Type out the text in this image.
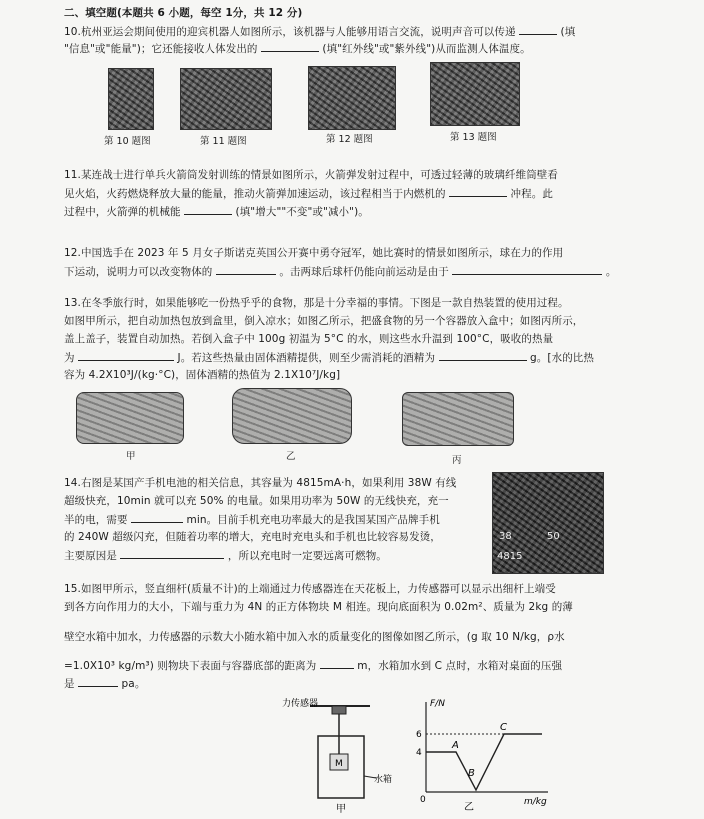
二、填空题(本题共 6 小题，每空 1分，共 12 分)
10.杭州亚运会期间使用的迎宾机器人如图所示，该机器与人能够用语言交流，说明声音可以传递	(填
"信息"或"能量")；它还能接收人体发出的	(填"红外线"或"紫外线")从而监测人体温度。
第 10 题图	第 11 题图	第 12 题图	第 13 题图
11.某连战士进行单兵火箭筒发射训练的情景如图所示，火箭弹发射过程中，可透过轻薄的玻璃纤维筒壁看
见火焰，火药燃烧释放大量的能量，推动火箭弹加速运动，该过程相当于内燃机的	冲程。此
过程中，火箭弹的机械能	(填"增大""不变"或"减小")。
12.中国选手在 2023 年 5 月女子斯诺克英国公开赛中勇夺冠军，她比赛时的情景如图所示，球在力的作用
下运动，说明力可以改变物体的	。击两球后球杆仍能向前运动是由于	。
13.在冬季旅行时，如果能够吃一份热乎乎的食物，那是十分幸福的事情。下图是一款自热装置的使用过程。
如图甲所示，把自动加热包放到盒里，倒入凉水；如图乙所示，把盛食物的另一个容器放入盒中；如图丙所示，
盖上盖子，装置自动加热。若倒入盒子中 100g 初温为 5°C 的水，则这些水升温到 100°C，吸收的热量
为	J。若这些热量由固体酒精提供，则至少需消耗的酒精为	g。[水的比热
容为 4.2X10³J/(kg·°C)，固体酒精的热值为 2.1X10⁷J/kg]
甲	乙	丙
14.右图是某国产手机电池的相关信息，其容量为 4815mA·h，如果利用 38W 有线
超级快充，10min 就可以充 50% 的电量。如果用功率为 50W 的无线快充，充一
半的电，需要	min。目前手机充电功率最大的是我国某国产品牌手机
的 240W 超级闪充，但随着功率的增大，充电时充电头和手机也比较容易发烫，
主要原因是	，所以充电时一定要远离可燃物。
38	50
4815
15.如图甲所示，竖直细杆(质量不计)的上端通过力传感器连在天花板上，力传感器可以显示出细杆上端受
到各方向作用力的大小，下端与重力为 4N 的正方体物块 M 相连。现向底面积为 0.02m²、质量为 2kg 的薄
壁空水箱中加水，力传感器的示数大小随水箱中加入水的质量变化的图像如图乙所示，(g 取 10 N/kg，ρ水
=1.0X10³ kg/m³) 则物块下表面与容器底部的距离为	m，水箱加水到 C 点时，水箱对桌面的压强
是	pa。
M
力传感器
水箱
甲
F/N
m/kg
0
6
4
A
B
C
乙
